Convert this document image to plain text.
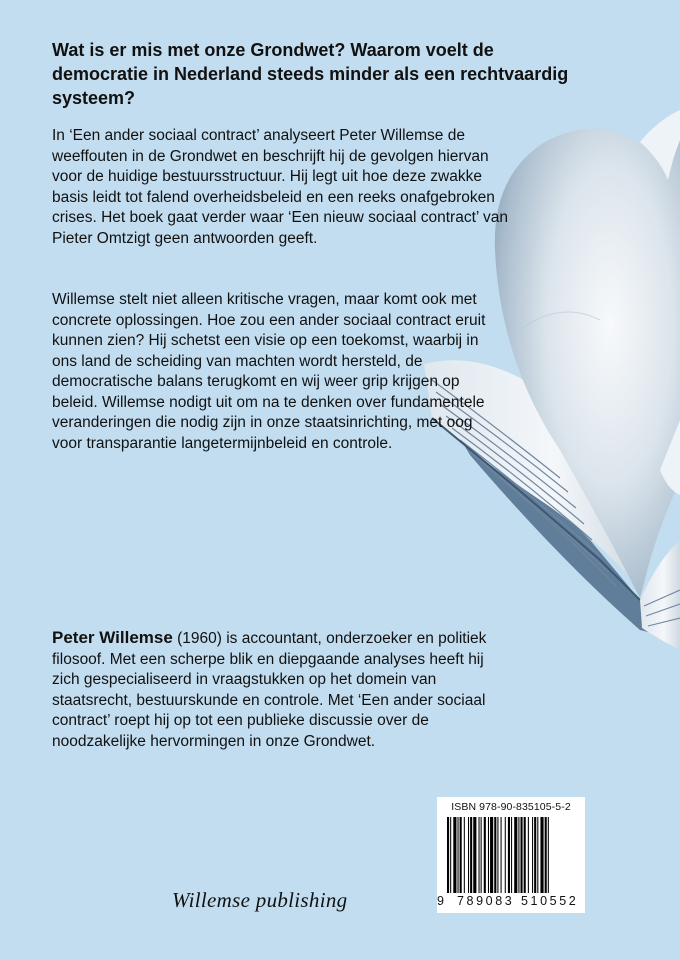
Wat is er mis met onze Grondwet? Waarom voelt de democratie in Nederland steeds minder als een rechtvaardig systeem?

In ‘Een ander sociaal contract’ analyseert Peter Willemse de weeffouten in de Grondwet en beschrijft hij de gevolgen hiervan voor de huidige bestuursstructuur. Hij legt uit hoe deze zwakke basis leidt tot falend overheidsbeleid en een reeks onafgebroken crises. Het boek gaat verder waar ‘Een nieuw sociaal contract’ van Pieter Omtzigt geen antwoorden geeft.

Willemse stelt niet alleen kritische vragen, maar komt ook met concrete oplossingen. Hoe zou een ander sociaal contract eruit kunnen zien? Hij schetst een visie op een toekomst, waarbij in ons land de scheiding van machten wordt hersteld, de democratische balans terugkomt en wij weer grip krijgen op beleid. Willemse nodigt uit om na te denken over fundamentele veranderingen die nodig zijn in onze staatsinrichting, met oog voor transparantie langetermijnbeleid en controle.

Peter Willemse (1960) is accountant, onderzoeker en politiek filosoof. Met een scherpe blik en diepgaande analyses heeft hij zich gespecialiseerd in vraagstukken op het domein van staatsrecht, bestuurskunde en controle. Met ‘Een ander sociaal contract’ roept hij op tot een publieke discussie over de noodzakelijke hervormingen in onze Grondwet.

ISBN 978-90-835105-5-2
9 789083 510552
Willemse publishing
